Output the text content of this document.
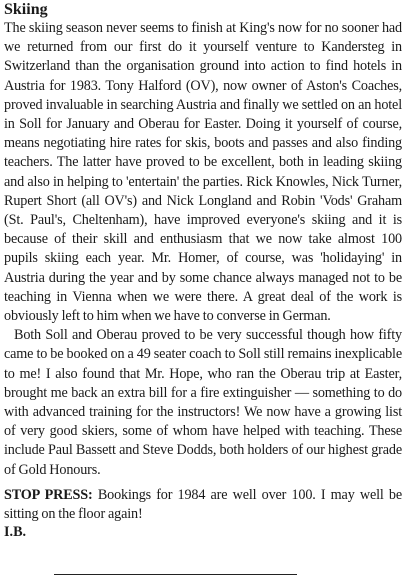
Skiing

The skiing season never seems to finish at King's now for no sooner had we returned from our first do it yourself venture to Kandersteg in Switzerland than the organisation ground into action to find hotels in Austria for 1983. Tony Halford (OV), now owner of Aston's Coaches, proved invaluable in searching Austria and finally we settled on an hotel in Soll for January and Oberau for Easter. Doing it yourself of course, means negotiating hire rates for skis, boots and passes and also finding teachers. The latter have proved to be excellent, both in leading skiing and also in helping to 'entertain' the parties. Rick Knowles, Nick Turner, Rupert Short (all OV's) and Nick Longland and Robin 'Vods' Graham (St. Paul's, Cheltenham), have improved everyone's skiing and it is because of their skill and enthusiasm that we now take almost 100 pupils skiing each year. Mr. Homer, of course, was 'holidaying' in Austria during the year and by some chance always managed not to be teaching in Vienna when we were there. A great deal of the work is obviously left to him when we have to converse in German.

Both Soll and Oberau proved to be very successful though how fifty came to be booked on a 49 seater coach to Soll still remains inexplicable to me! I also found that Mr. Hope, who ran the Oberau trip at Easter, brought me back an extra bill for a fire extinguisher — something to do with advanced training for the instructors! We now have a growing list of very good skiers, some of whom have helped with teaching. These include Paul Bassett and Steve Dodds, both holders of our highest grade of Gold Honours.

STOP PRESS: Bookings for 1984 are well over 100. I may well be sitting on the floor again!

I.B.
